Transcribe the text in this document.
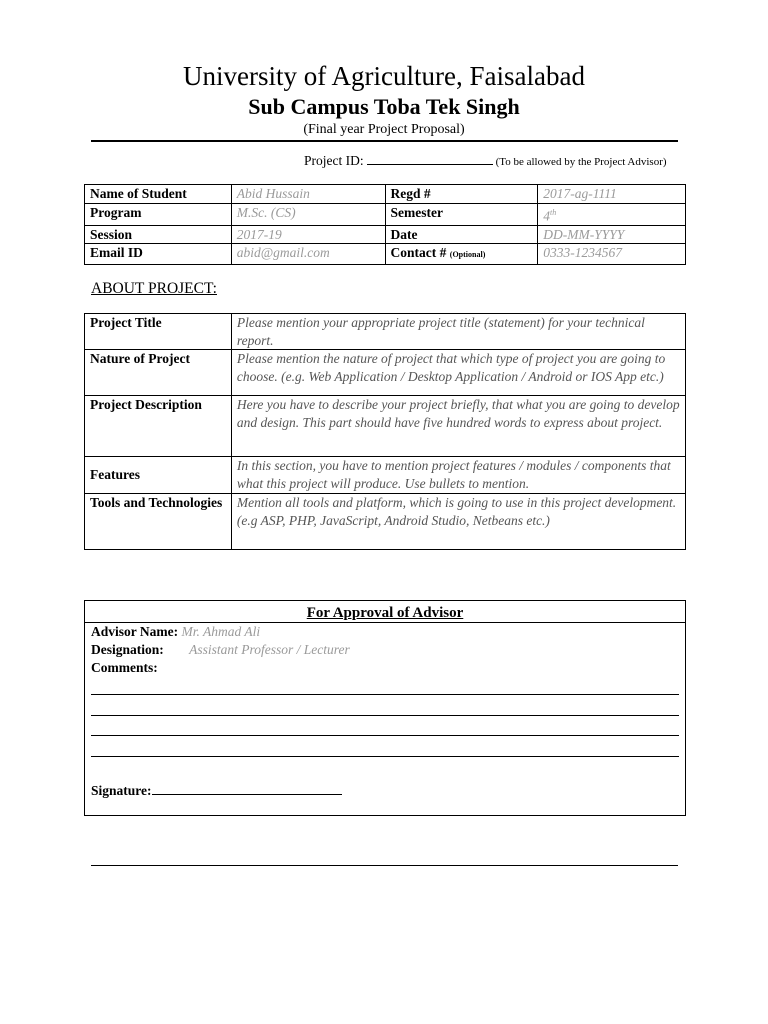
University of Agriculture, Faisalabad
Sub Campus Toba Tek Singh
(Final year Project Proposal)
Project ID:	(To be allowed by the Project Advisor)
Name of Student	Abid Hussain	Regd #	2017-ag-1111
Program	M.Sc. (CS)	Semester	4th
Session	2017-19	Date	DD-MM-YYYY
Email ID	abid@gmail.com	Contact # (Optional)	0333-1234567
ABOUT PROJECT:
Project Title	Please mention your appropriate project title (statement) for your technical report.
Nature of Project	Please mention the nature of project that which type of project you are going to choose. (e.g. Web Application / Desktop Application / Android or IOS App etc.)
Project Description	Here you have to describe your project briefly, that what you are going to develop and design. This part should have five hundred words to express about project.
Features	In this section, you have to mention project features / modules / components that what this project will produce. Use bullets to mention.
Tools and Technologies	Mention all tools and platform, which is going to use in this project development. (e.g ASP, PHP, JavaScript, Android Studio, Netbeans etc.)
For Approval of Advisor
Advisor Name: Mr. Ahmad Ali
Designation: Assistant Professor / Lecturer
Comments:
Signature:
